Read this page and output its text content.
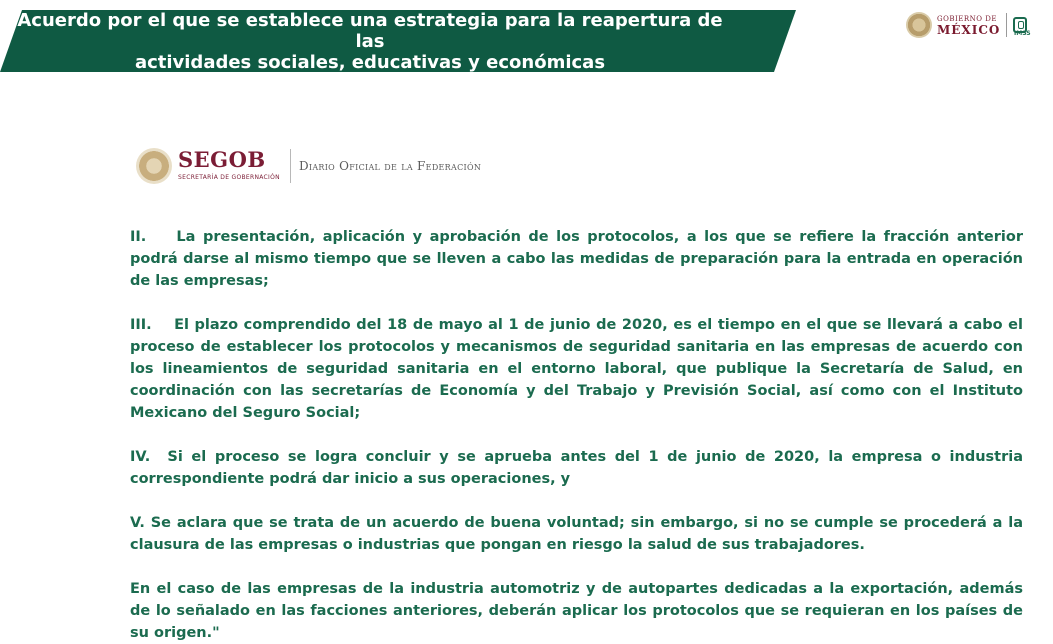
Acuerdo por el que se establece una estrategia para la reapertura de las
actividades sociales, educativas y económicas
GOBIERNO DE
MÉXICO IMSS
SEGOB
SECRETARÍA DE GOBERNACIÓN
Diario Oficial de la Federación

II.    La presentación, aplicación y aprobación de los protocolos, a los que se refiere la fracción anterior podrá darse al mismo tiempo que se lleven a cabo las medidas de preparación para la entrada en operación de las empresas;

III.    El plazo comprendido del 18 de mayo al 1 de junio de 2020, es el tiempo en el que se llevará a cabo el proceso de establecer los protocolos y mecanismos de seguridad sanitaria en las empresas de acuerdo con los lineamientos de seguridad sanitaria en el entorno laboral, que publique la Secretaría de Salud, en coordinación con las secretarías de Economía y del Trabajo y Previsión Social, así como con el Instituto Mexicano del Seguro Social;

IV.  Si el proceso se logra concluir y se aprueba antes del 1 de junio de 2020, la empresa o industria correspondiente podrá dar inicio a sus operaciones, y

V. Se aclara que se trata de un acuerdo de buena voluntad; sin embargo, si no se cumple se procederá a la clausura de las empresas o industrias que pongan en riesgo la salud de sus trabajadores.

En el caso de las empresas de la industria automotriz y de autopartes dedicadas a la exportación, además de lo señalado en las facciones anteriores, deberán aplicar los protocolos que se requieran en los países de su origen."
